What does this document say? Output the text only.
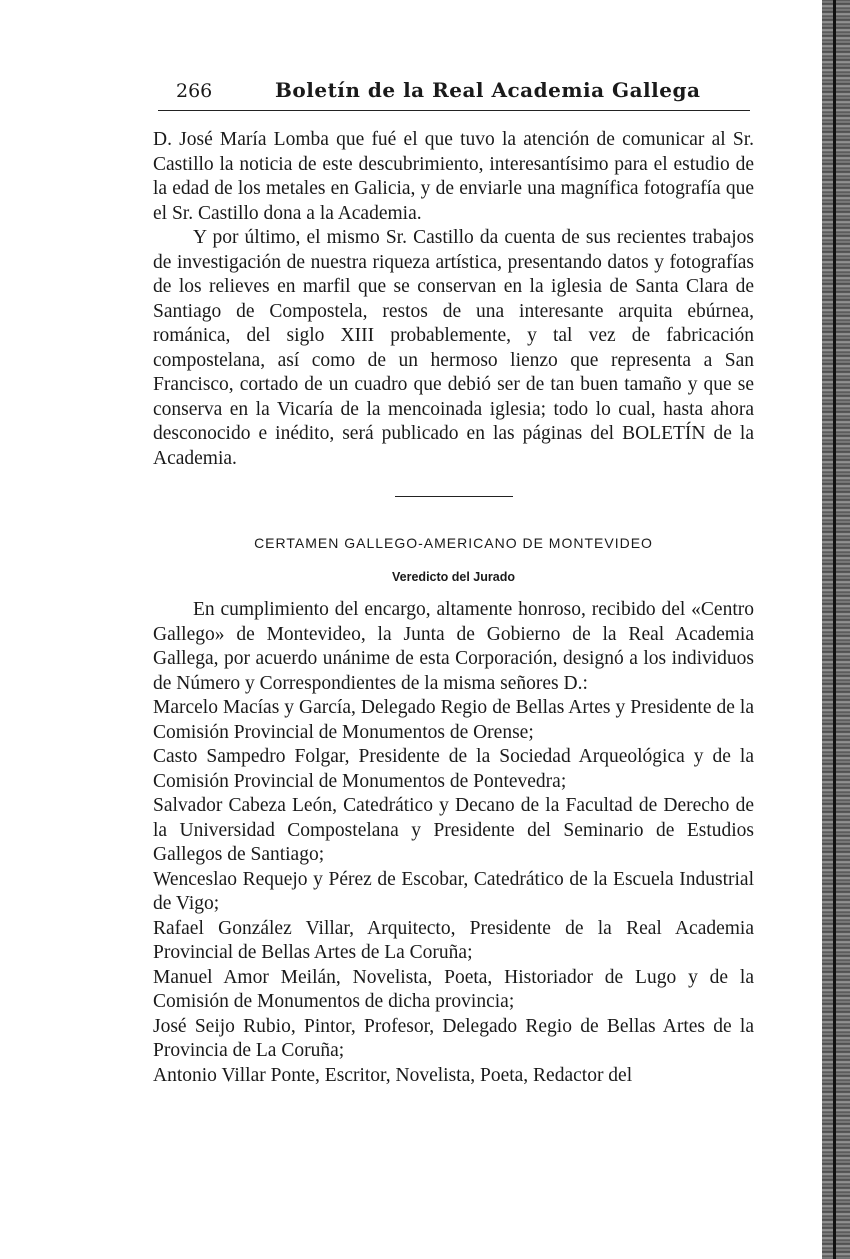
266	Boletín de la Real Academia Gallega

D. José María Lomba que fué el que tuvo la atención de comunicar al Sr. Castillo la noticia de este descubrimiento, interesantísimo para el estudio de la edad de los metales en Galicia, y de enviarle una magnífica fotografía que el Sr. Castillo dona a la Academia.

Y por último, el mismo Sr. Castillo da cuenta de sus recientes trabajos de investigación de nuestra riqueza artística, presentando datos y fotografías de los relieves en marfil que se conservan en la iglesia de Santa Clara de Santiago de Compostela, restos de una interesante arquita ebúrnea, románica, del siglo XIII probablemente, y tal vez de fabricación compostelana, así como de un hermoso lienzo que representa a San Francisco, cortado de un cuadro que debió ser de tan buen tamaño y que se conserva en la Vicaría de la mencoinada iglesia; todo lo cual, hasta ahora desconocido e inédito, será publicado en las páginas del BOLETÍN de la Academia.

CERTAMEN GALLEGO-AMERICANO DE MONTEVIDEO
Veredicto del Jurado

En cumplimiento del encargo, altamente honroso, recibido del «Centro Gallego» de Montevideo, la Junta de Gobierno de la Real Academia Gallega, por acuerdo unánime de esta Corporación, designó a los individuos de Número y Correspondientes de la misma señores D.:

Marcelo Macías y García, Delegado Regio de Bellas Artes y Presidente de la Comisión Provincial de Monumentos de Orense;

Casto Sampedro Folgar, Presidente de la Sociedad Arqueológica y de la Comisión Provincial de Monumentos de Pontevedra;

Salvador Cabeza León, Catedrático y Decano de la Facultad de Derecho de la Universidad Compostelana y Presidente del Seminario de Estudios Gallegos de Santiago;

Wenceslao Requejo y Pérez de Escobar, Catedrático de la Escuela Industrial de Vigo;

Rafael González Villar, Arquitecto, Presidente de la Real Academia Provincial de Bellas Artes de La Coruña;

Manuel Amor Meilán, Novelista, Poeta, Historiador de Lugo y de la Comisión de Monumentos de dicha provincia;

José Seijo Rubio, Pintor, Profesor, Delegado Regio de Bellas Artes de la Provincia de La Coruña;

Antonio Villar Ponte, Escritor, Novelista, Poeta, Redactor del
